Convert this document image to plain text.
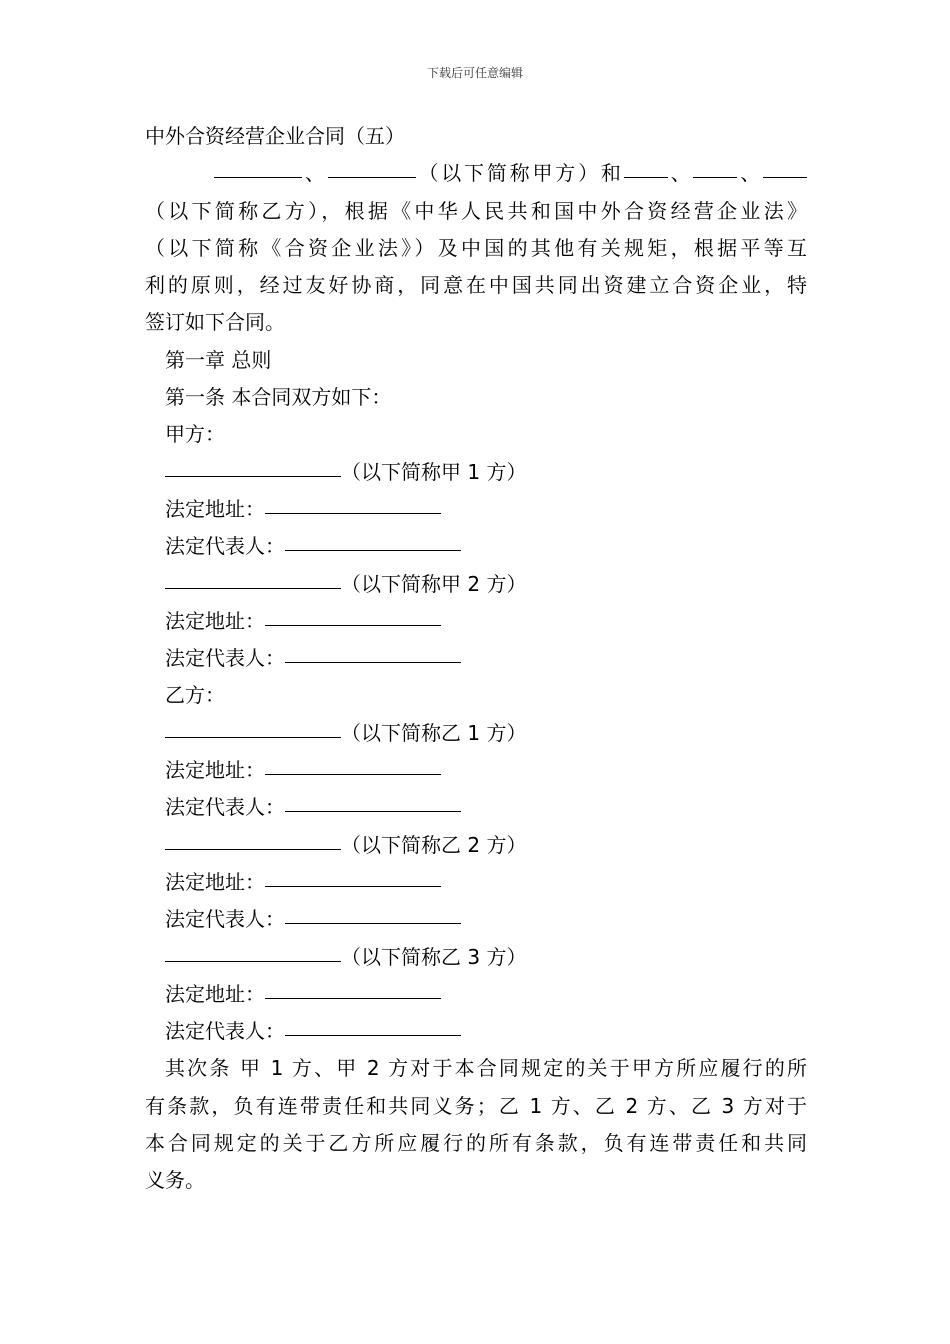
下载后可任意编辑
中外合资经营企业合同（五）
、	（以下简称甲方）和 、 、
（以下简称乙方），根据《中华人民共和国中外合资经营企业法》
（以下简称《合资企业法》）及中国的其他有关规矩，根据平等互
利的原则，经过友好协商，同意在中国共同出资建立合资企业，特
签订如下合同。
第一章 总则
第一条 本合同双方如下：
甲方：
（以下简称甲 1 方）
法定地址：
法定代表人：
（以下简称甲 2 方）
法定地址：
法定代表人：
乙方：
（以下简称乙 1 方）
法定地址：
法定代表人：
（以下简称乙 2 方）
法定地址：
法定代表人：
（以下简称乙 3 方）
法定地址：
法定代表人：
其次条 甲 1 方、甲 2 方对于本合同规定的关于甲方所应履行的所
有条款，负有连带责任和共同义务；乙 1 方、乙 2 方、乙 3 方对于
本合同规定的关于乙方所应履行的所有条款，负有连带责任和共同
义务。
